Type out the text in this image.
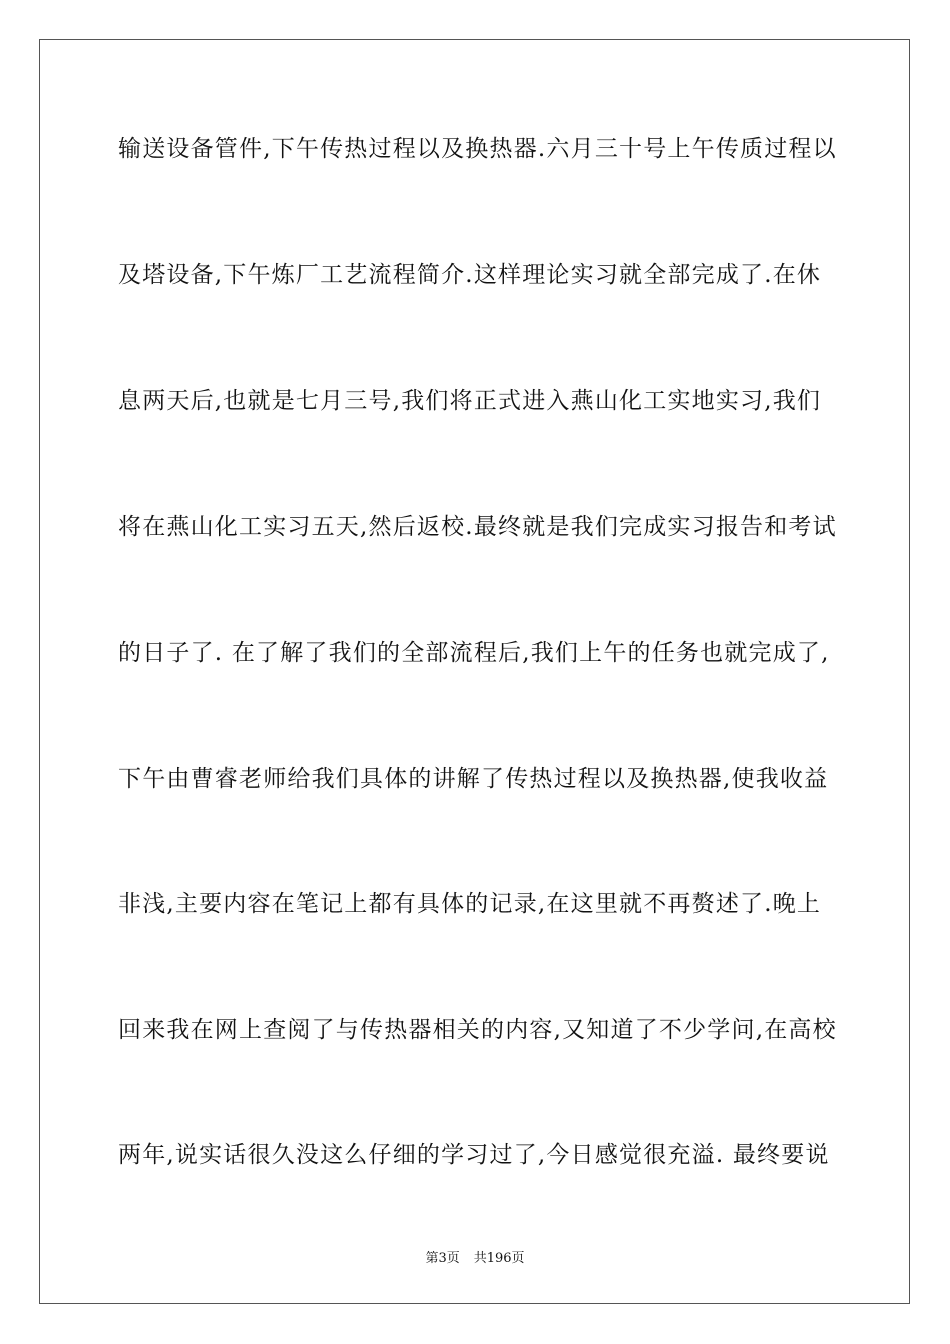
输送设备管件,下午传热过程以及换热器.六月三十号上午传质过程以
及塔设备,下午炼厂工艺流程简介.这样理论实习就全部完成了.在休
息两天后,也就是七月三号,我们将正式进入燕山化工实地实习,我们
将在燕山化工实习五天,然后返校.最终就是我们完成实习报告和考试
的日子了. 在了解了我们的全部流程后,我们上午的任务也就完成了,
下午由曹睿老师给我们具体的讲解了传热过程以及换热器,使我收益
非浅,主要内容在笔记上都有具体的记录,在这里就不再赘述了.晚上
回来我在网上查阅了与传热器相关的内容,又知道了不少学问,在高校
两年,说实话很久没这么仔细的学习过了,今日感觉很充溢. 最终要说
第3页 共196页
